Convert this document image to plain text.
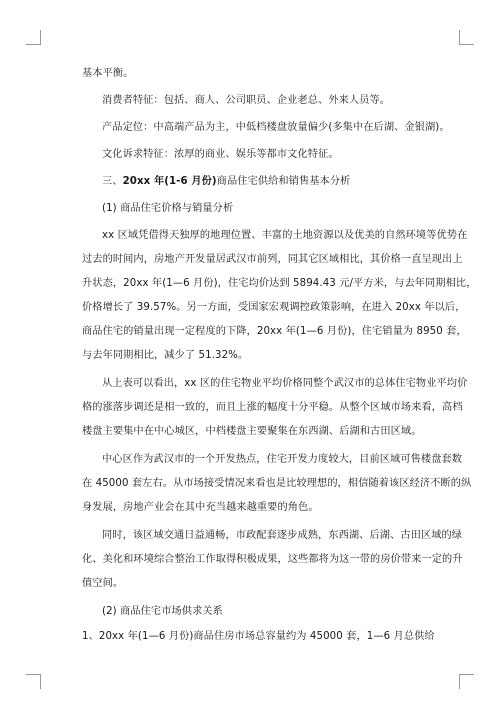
基本平衡。
消费者特征：包括、商人、公司职员、企业老总、外来人员等。
产品定位：中高端产品为主，中低档楼盘放量偏少(多集中在后湖、金银湖)。
文化诉求特征：浓厚的商业、娱乐等都市文化特征。
三、20xx 年(1-6 月份)商品住宅供给和销售基本分析
(1) 商品住宅价格与销量分析
xx 区域凭借得天独厚的地理位置、丰富的土地资源以及优美的自然环境等优势在
过去的时间内，房地产开发量居武汉市前列，同其它区域相比，其价格一直呈现出上
升状态，20xx 年(1—6 月份)，住宅均价达到 5894.43 元/平方米，与去年同期相比，
价格增长了 39.57%。另一方面，受国家宏观调控政策影响，在进入 20xx 年以后，
商品住宅的销量出现一定程度的下降，20xx 年(1—6 月份)，住宅销量为 8950 套，
与去年同期相比，减少了 51.32%。
从上表可以看出，xx 区的住宅物业平均价格同整个武汉市的总体住宅物业平均价
格的涨落步调还是相一致的，而且上涨的幅度十分平稳。从整个区域市场来看，高档
楼盘主要集中在中心城区，中档楼盘主要聚集在东西湖、后湖和古田区域。
中心区作为武汉市的一个开发热点，住宅开发力度较大，目前区域可售楼盘套数
在 45000 套左右。从市场接受情况来看也是比较理想的，相信随着该区经济不断的纵
身发展，房地产业会在其中充当越来越重要的角色。
同时，该区域交通日益通畅，市政配套逐步成熟，东西湖、后湖、古田区域的绿
化、美化和环境综合整治工作取得积极成果，这些都将为这一带的房价带来一定的升
值空间。
(2) 商品住宅市场供求关系
1、20xx 年(1—6 月份)商品住房市场总容量约为 45000 套，1—6 月总供给
